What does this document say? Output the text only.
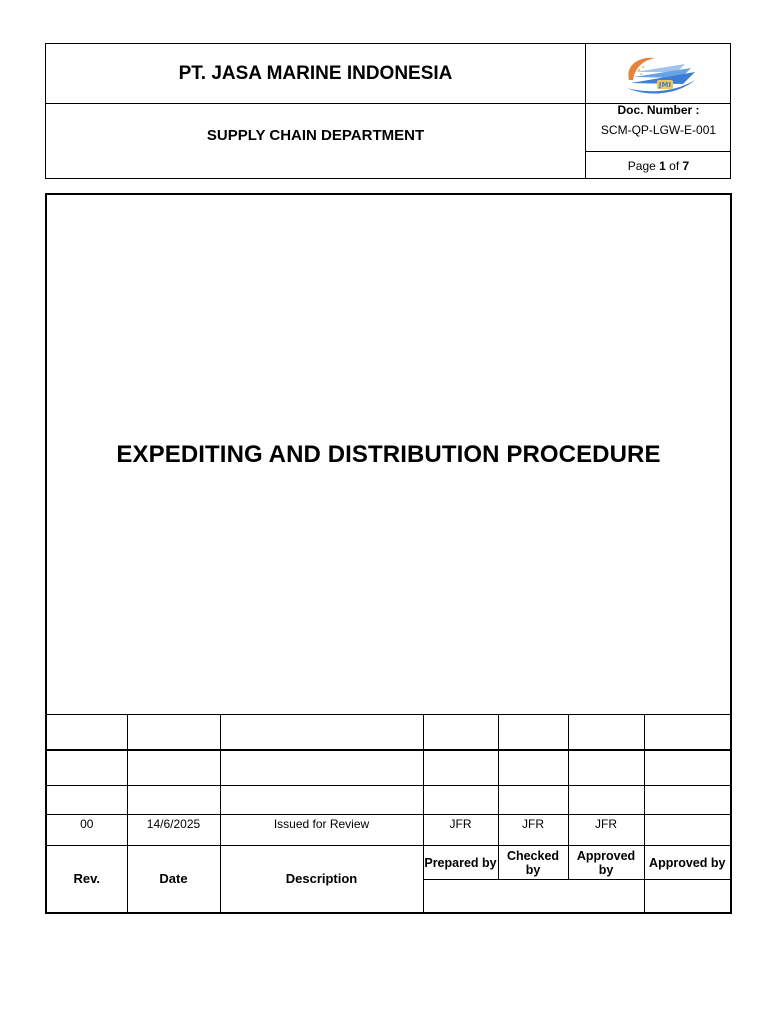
PT. JASA MARINE INDONESIA
SUPPLY CHAIN DEPARTMENT
JMI
Doc. Number :
SCM-QP-LGW-E-001
Page
1
of
7
EXPEDITING AND DISTRIBUTION PROCEDURE

00	14/6/2025	Issued for Review	JFR	JFR	JFR	
Rev.	Date	Description	Prepared by	Checked by	Approved by	Approved by
